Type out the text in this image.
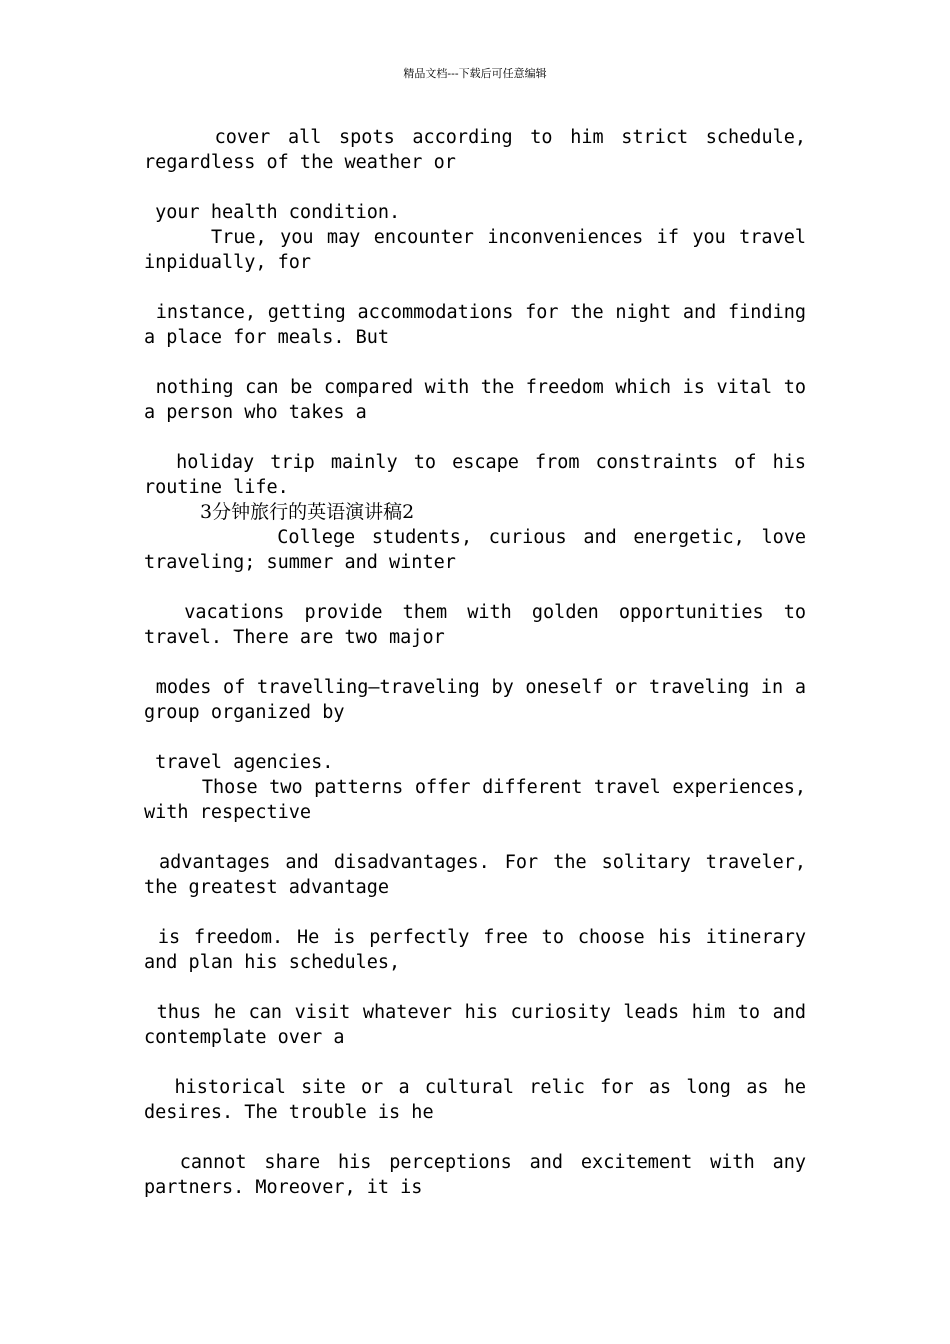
精品文档---下载后可任意编辑

cover all spots according to him strict schedule, regardless of the weather or

your health condition.

True, you may encounter inconveniences if you travel inpidually, for

instance, getting accommodations for the night and finding a place for meals. But

nothing can be compared with the freedom which is vital to a person who takes a

holiday trip mainly to escape from constraints of his routine life.

3分钟旅行的英语演讲稿2

College students, curious and energetic, love traveling; summer and winter

vacations provide them with golden opportunities to travel. There are two major

modes of travelling—traveling by oneself or traveling in a group organized by

travel agencies.

Those two patterns offer different travel experiences, with respective

advantages and disadvantages. For the solitary traveler, the greatest advantage

is freedom. He is perfectly free to choose his itinerary and plan his schedules,

thus he can visit whatever his curiosity leads him to and contemplate over a

historical site or a cultural relic for as long as he desires. The trouble is he

cannot share his perceptions and excitement with any partners. Moreover, it is
